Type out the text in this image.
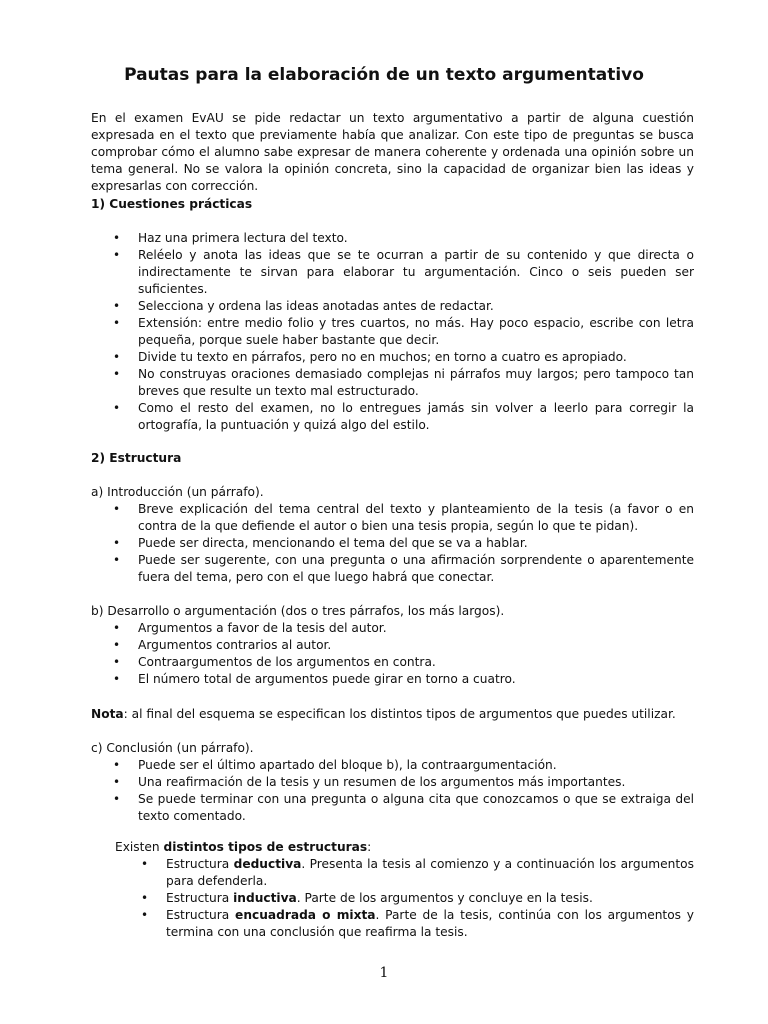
Pautas para la elaboración de un texto argumentativo

En el examen EvAU se pide redactar un texto argumentativo a partir de alguna cuestión expresada en el texto que previamente había que analizar. Con este tipo de preguntas se busca comprobar cómo el alumno sabe expresar de manera coherente y ordenada una opinión sobre un tema general. No se valora la opinión concreta, sino la capacidad de organizar bien las ideas y expresarlas con corrección.

1) Cuestiones prácticas

• Haz una primera lectura del texto.
• Reléelo y anota las ideas que se te ocurran a partir de su contenido y que directa o indirectamente te sirvan para elaborar tu argumentación. Cinco o seis pueden ser suficientes.
• Selecciona y ordena las ideas anotadas antes de redactar.
• Extensión: entre medio folio y tres cuartos, no más. Hay poco espacio, escribe con letra pequeña, porque suele haber bastante que decir.
• Divide tu texto en párrafos, pero no en muchos; en torno a cuatro es apropiado.
• No construyas oraciones demasiado complejas ni párrafos muy largos; pero tampoco tan breves que resulte un texto mal estructurado.
• Como el resto del examen, no lo entregues jamás sin volver a leerlo para corregir la ortografía, la puntuación y quizá algo del estilo.

2) Estructura

a) Introducción (un párrafo).

• Breve explicación del tema central del texto y planteamiento de la tesis (a favor o en contra de la que defiende el autor o bien una tesis propia, según lo que te pidan).
• Puede ser directa, mencionando el tema del que se va a hablar.
• Puede ser sugerente, con una pregunta o una afirmación sorprendente o aparentemente fuera del tema, pero con el que luego habrá que conectar.

b) Desarrollo o argumentación (dos o tres párrafos, los más largos).

• Argumentos a favor de la tesis del autor.
• Argumentos contrarios al autor.
• Contraargumentos de los argumentos en contra.
• El número total de argumentos puede girar en torno a cuatro.

Nota: al final del esquema se especifican los distintos tipos de argumentos que puedes utilizar.

c) Conclusión (un párrafo).

• Puede ser el último apartado del bloque b), la contraargumentación.
• Una reafirmación de la tesis y un resumen de los argumentos más importantes.
• Se puede terminar con una pregunta o alguna cita que conozcamos o que se extraiga del texto comentado.

Existen distintos tipos de estructuras:

• Estructura deductiva. Presenta la tesis al comienzo y a continuación los argumentos para defenderla.
• Estructura inductiva. Parte de los argumentos y concluye en la tesis.
• Estructura encuadrada o mixta. Parte de la tesis, continúa con los argumentos y termina con una conclusión que reafirma la tesis.
1
